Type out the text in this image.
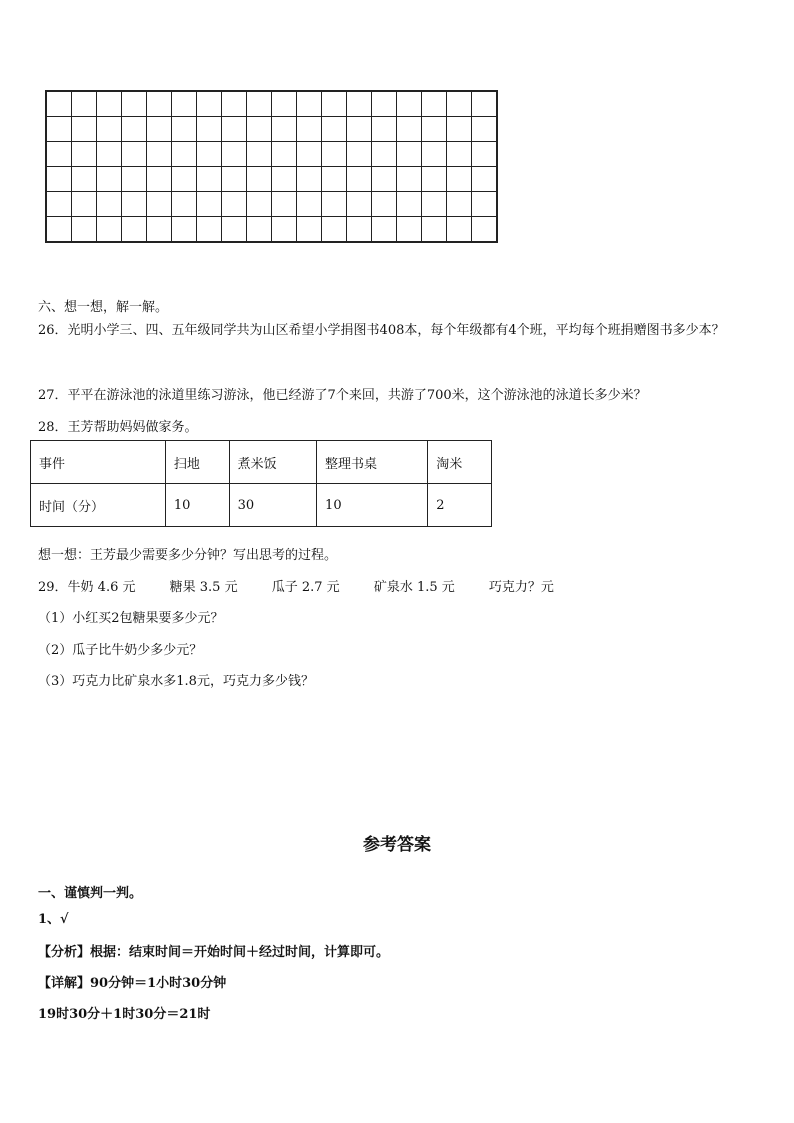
六、想一想，解一解。
26．光明小学三、四、五年级同学共为山区希望小学捐图书408本，每个年级都有4个班，平均每个班捐赠图书多少本？
27．平平在游泳池的泳道里练习游泳，他已经游了7个来回，共游了700米，这个游泳池的泳道长多少米？
28．王芳帮助妈妈做家务。
事件	扫地	煮米饭	整理书桌	淘米
时间（分）	10	30	10	2
想一想：王芳最少需要多少分钟？写出思考的过程。
29．牛奶 4.6 元	糖果 3.5 元	瓜子 2.7 元	矿泉水 1.5 元	巧克力？元
（1）小红买2包糖果要多少元？
（2）瓜子比牛奶少多少元？
（3）巧克力比矿泉水多1.8元，巧克力多少钱？
参考答案
一、谨慎判一判。
1、√
【分析】根据：结束时间＝开始时间＋经过时间，计算即可。
【详解】90分钟＝1小时30分钟
19时30分＋1时30分＝21时
